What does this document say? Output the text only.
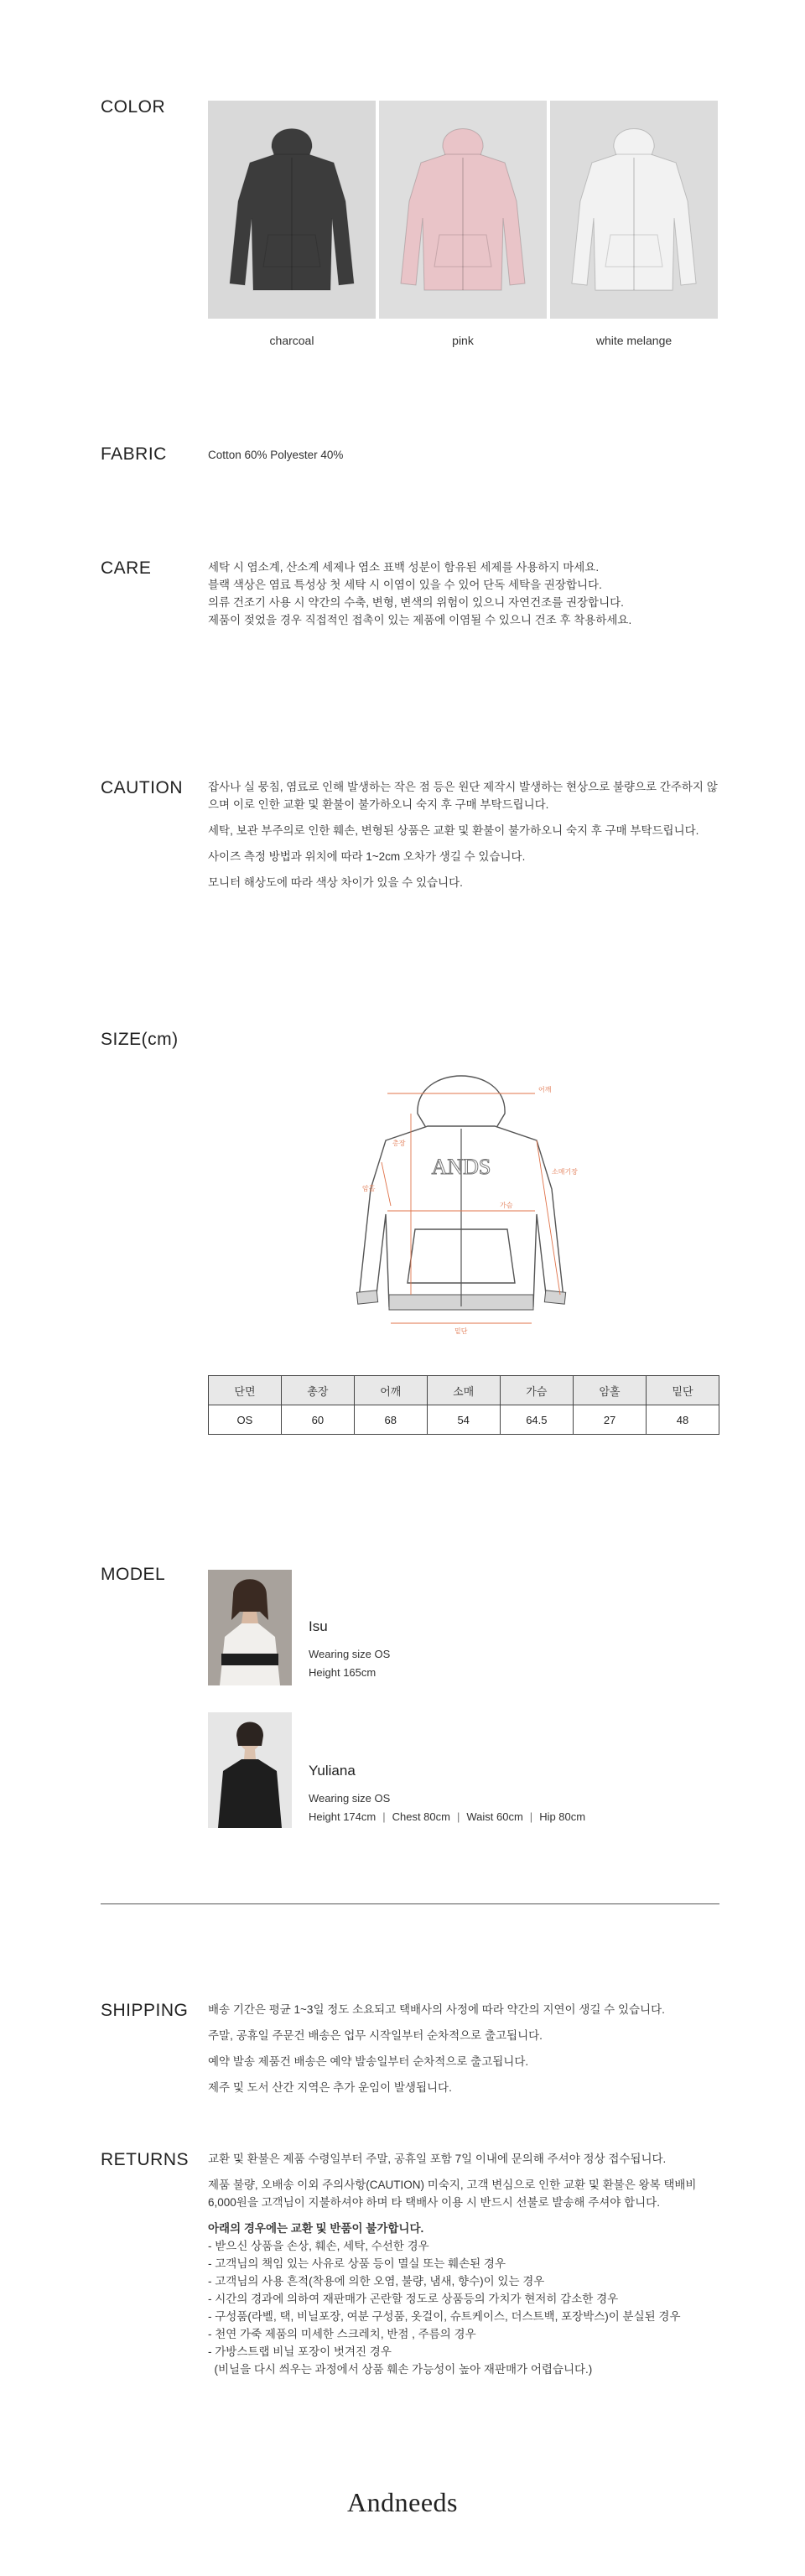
COLOR
charcoal	pink	white melange
FABRIC	Cotton 60% Polyester 40%
CARE	세탁 시 염소계, 산소계 세제나 염소 표백 성분이 함유된 세제를 사용하지 마세요.
블랙 색상은 염료 특성상 첫 세탁 시 이염이 있을 수 있어 단독 세탁을 권장합니다.
의류 건조기 사용 시 약간의 수축, 변형, 변색의 위험이 있으니 자연건조를 권장합니다.
제품이 젖었을 경우 직접적인 접촉이 있는 제품에 이염될 수 있으니 건조 후 착용하세요.
CAUTION 잡사나 실 뭉침, 염료로 인해 발생하는 작은 점 등은 원단 제작시 발생하는 현상으로 불량으로 간주하지 않으며 이로 인한 교환 및 환불이 불가하오니 숙지 후 구매 부탁드립니다.

세탁, 보관 부주의로 인한 훼손, 변형된 상품은 교환 및 환불이 불가하오니 숙지 후 구매 부탁드립니다.

사이즈 측정 방법과 위치에 따라 1~2cm 오차가 생길 수 있습니다.

모니터 해상도에 따라 색상 차이가 있을 수 있습니다.

SIZE(cm)
ANDS
어깨
총장
소매기장
가슴
암홀
밑단
단면	총장	어깨	소매	가슴	암홀	밑단
OS	60	68	54	64.5	27	48
MODEL
Isu
Wearing size OS
Height 165cm
Yuliana
Wearing size OS
Height 174cm | Chest 80cm | Waist 60cm | Hip 80cm
SHIPPING 배송 기간은 평균 1~3일 정도 소요되고 택배사의 사정에 따라 약간의 지연이 생길 수 있습니다.

주말, 공휴일 주문건 배송은 업무 시작일부터 순차적으로 출고됩니다.

예약 발송 제품건 배송은 예약 발송일부터 순차적으로 출고됩니다.

제주 및 도서 산간 지역은 추가 운임이 발생됩니다.

RETURNS 교환 및 환불은 제품 수령일부터 주말, 공휴일 포함 7일 이내에 문의해 주셔야 정상 접수됩니다.

제품 불량, 오배송 이외 주의사항(CAUTION) 미숙지, 고객 변심으로 인한 교환 및 환불은 왕복 택배비 6,000원을 고객님이 지불하셔야 하며 타 택배사 이용 시 반드시 선불로 발송해 주셔야 합니다.

아래의 경우에는 교환 및 반품이 불가합니다.
- 받으신 상품을 손상, 훼손, 세탁, 수선한 경우
- 고객님의 책임 있는 사유로 상품 등이 멸실 또는 훼손된 경우
- 고객님의 사용 흔적(착용에 의한 오염, 불량, 냄새, 향수)이 있는 경우
- 시간의 경과에 의하여 재판매가 곤란할 정도로 상품등의 가치가 현저히 감소한 경우
- 구성품(라벨, 택, 비닐포장, 여분 구성품, 옷걸이, 슈트케이스, 더스트백, 포장박스)이 분실된 경우
- 천연 가죽 제품의 미세한 스크레치, 반점 , 주름의 경우
- 가방스트랩 비닐 포장이 벗겨진 경우
(비닐을 다시 씌우는 과정에서 상품 훼손 가능성이 높아 재판매가 어렵습니다.)
Andneeds
